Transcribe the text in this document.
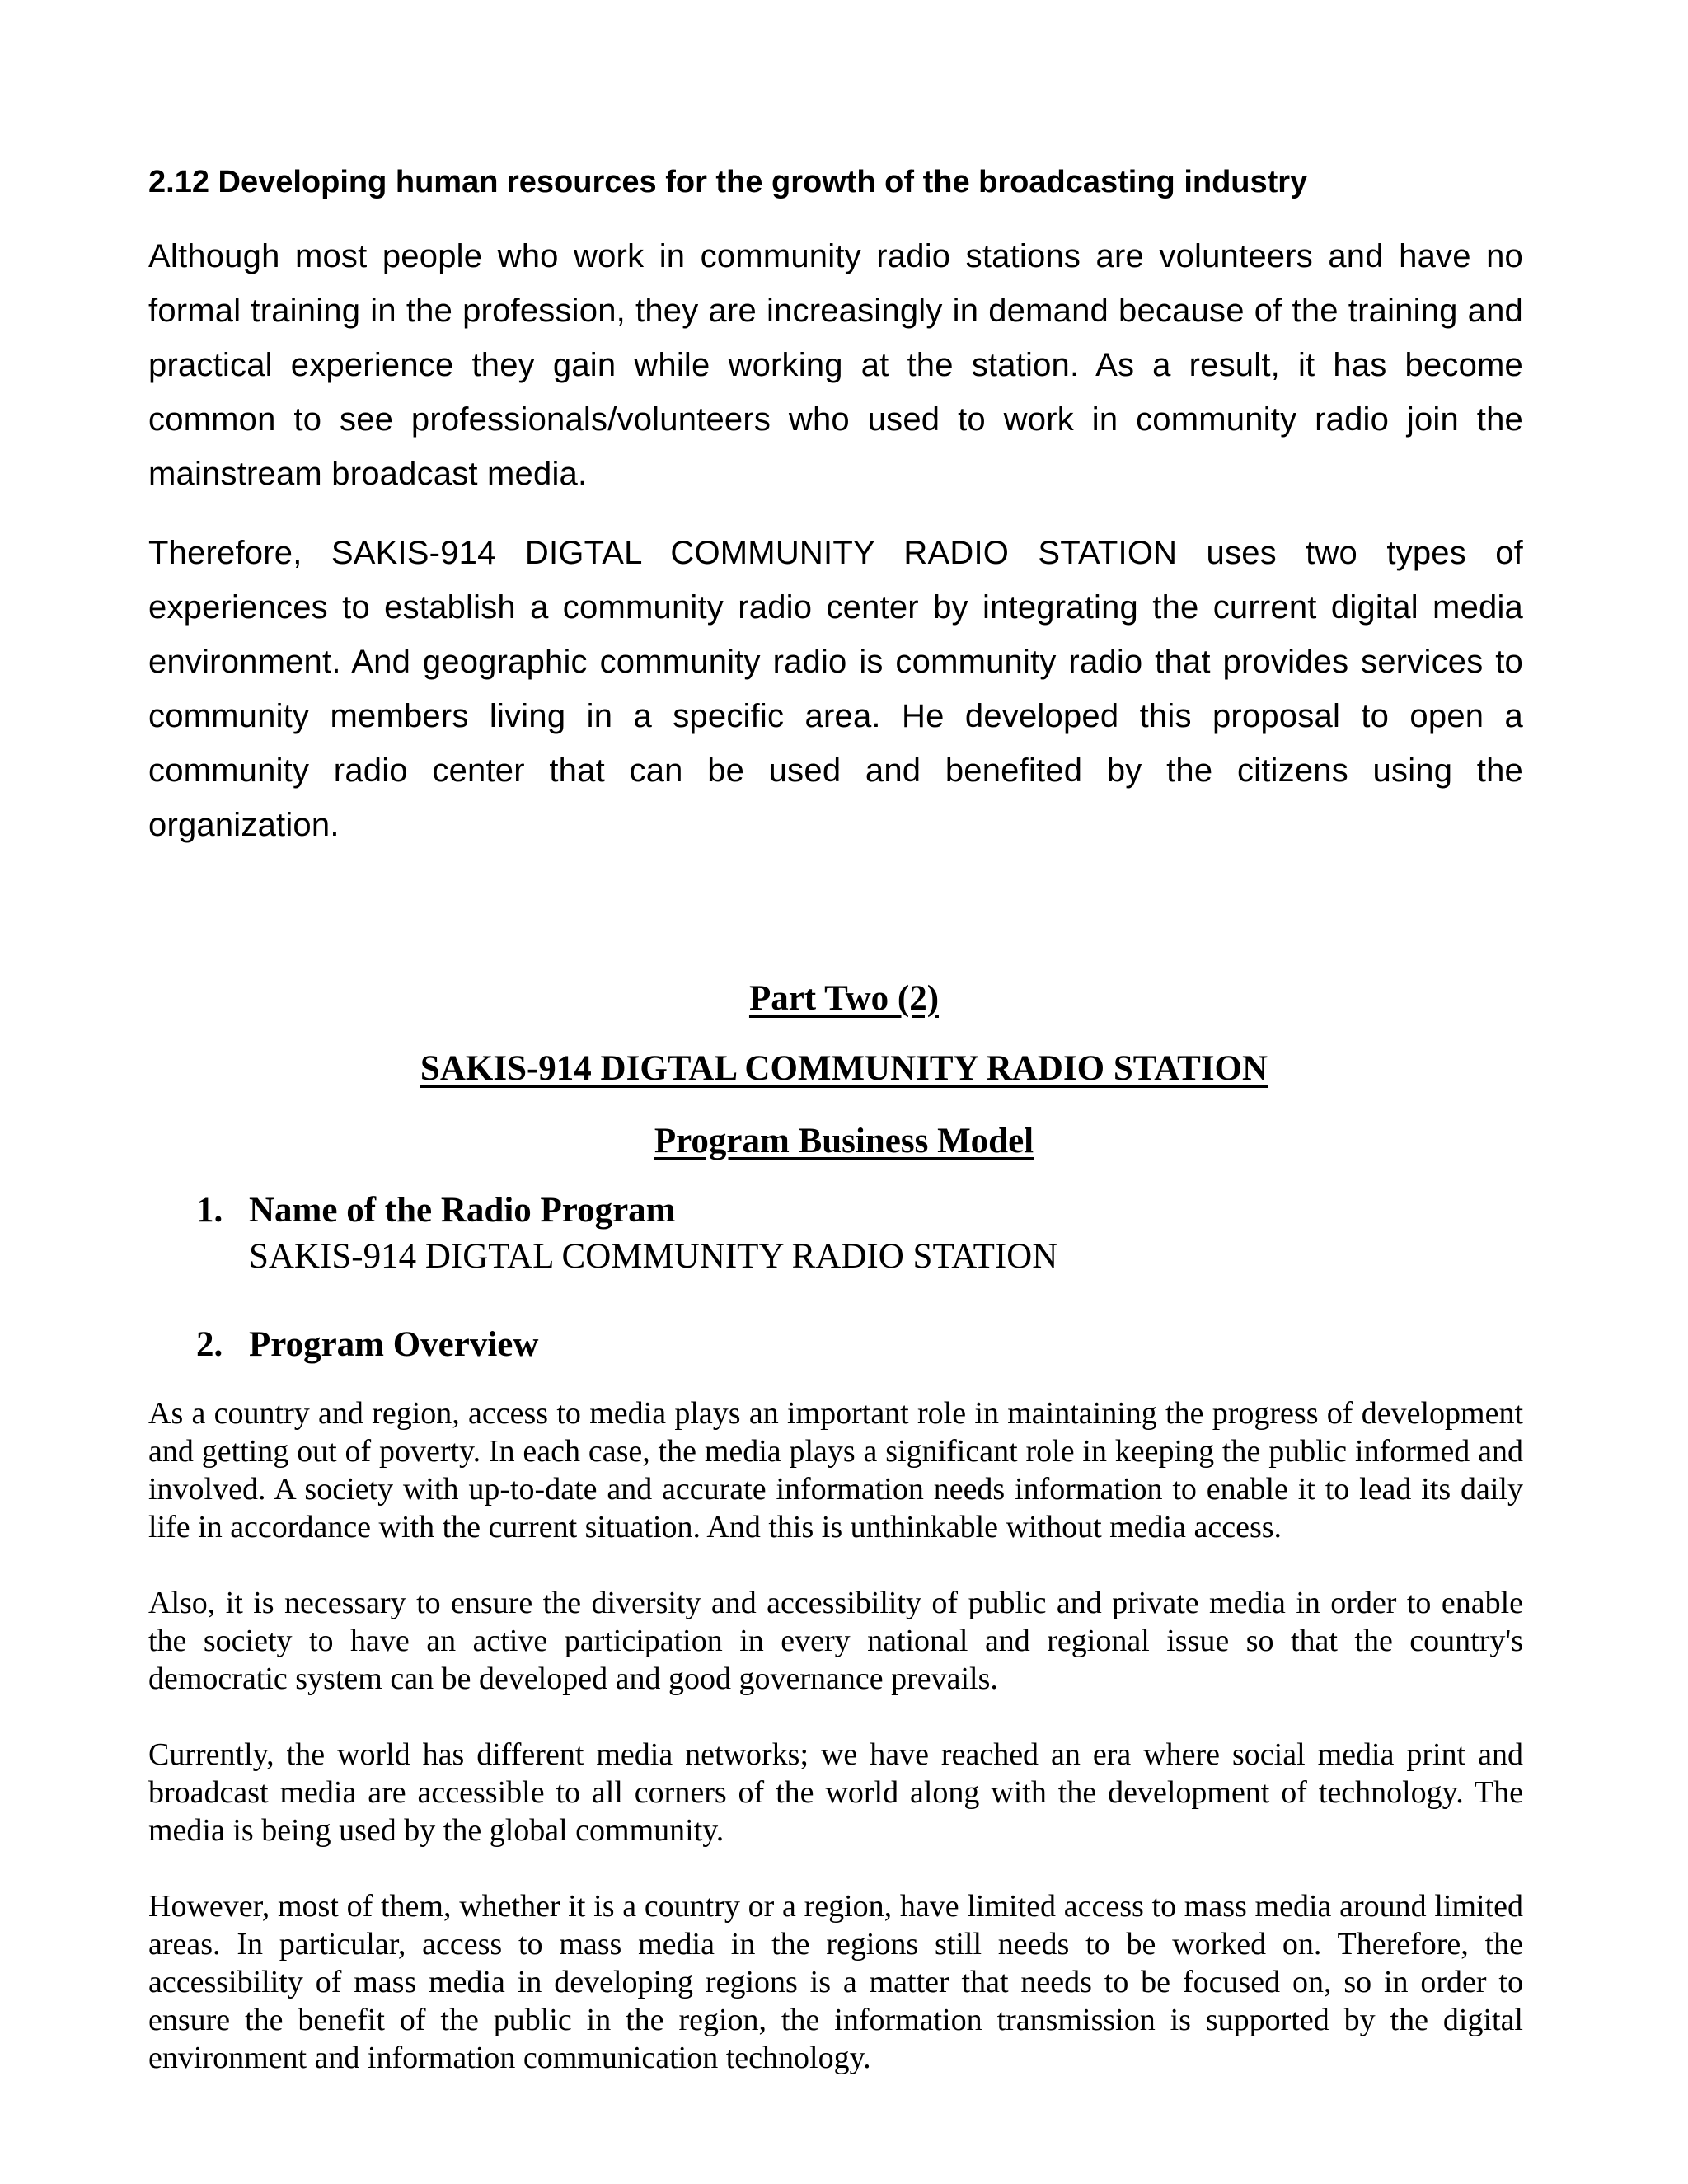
2.12 Developing human resources for the growth of the broadcasting industry

Although most people who work in community radio stations are volunteers and have no formal training in the profession, they are increasingly in demand because of the training and practical experience they gain while working at the station. As a result, it has become common to see professionals/volunteers who used to work in community radio join the mainstream broadcast media.

Therefore, SAKIS-914 DIGTAL COMMUNITY RADIO STATION uses two types of experiences to establish a community radio center by integrating the current digital media environment. And geographic community radio is community radio that provides services to community members living in a specific area. He developed this proposal to open a community radio center that can be used and benefited by the citizens using the organization.

Part Two (2)
SAKIS-914 DIGTAL COMMUNITY RADIO STATION
Program Business Model
1. Name of the Radio Program

SAKIS-914 DIGTAL COMMUNITY RADIO STATION

2. Program Overview

As a country and region, access to media plays an important role in maintaining the progress of development and getting out of poverty. In each case, the media plays a significant role in keeping the public informed and involved. A society with up-to-date and accurate information needs information to enable it to lead its daily life in accordance with the current situation. And this is unthinkable without media access.

Also, it is necessary to ensure the diversity and accessibility of public and private media in order to enable the society to have an active participation in every national and regional issue so that the country's democratic system can be developed and good governance prevails.

Currently, the world has different media networks; we have reached an era where social media print and broadcast media are accessible to all corners of the world along with the development of technology. The media is being used by the global community.

However, most of them, whether it is a country or a region, have limited access to mass media around limited areas. In particular, access to mass media in the regions still needs to be worked on. Therefore, the accessibility of mass media in developing regions is a matter that needs to be focused on, so in order to ensure the benefit of the public in the region, the information transmission is supported by the digital environment and information communication technology.
